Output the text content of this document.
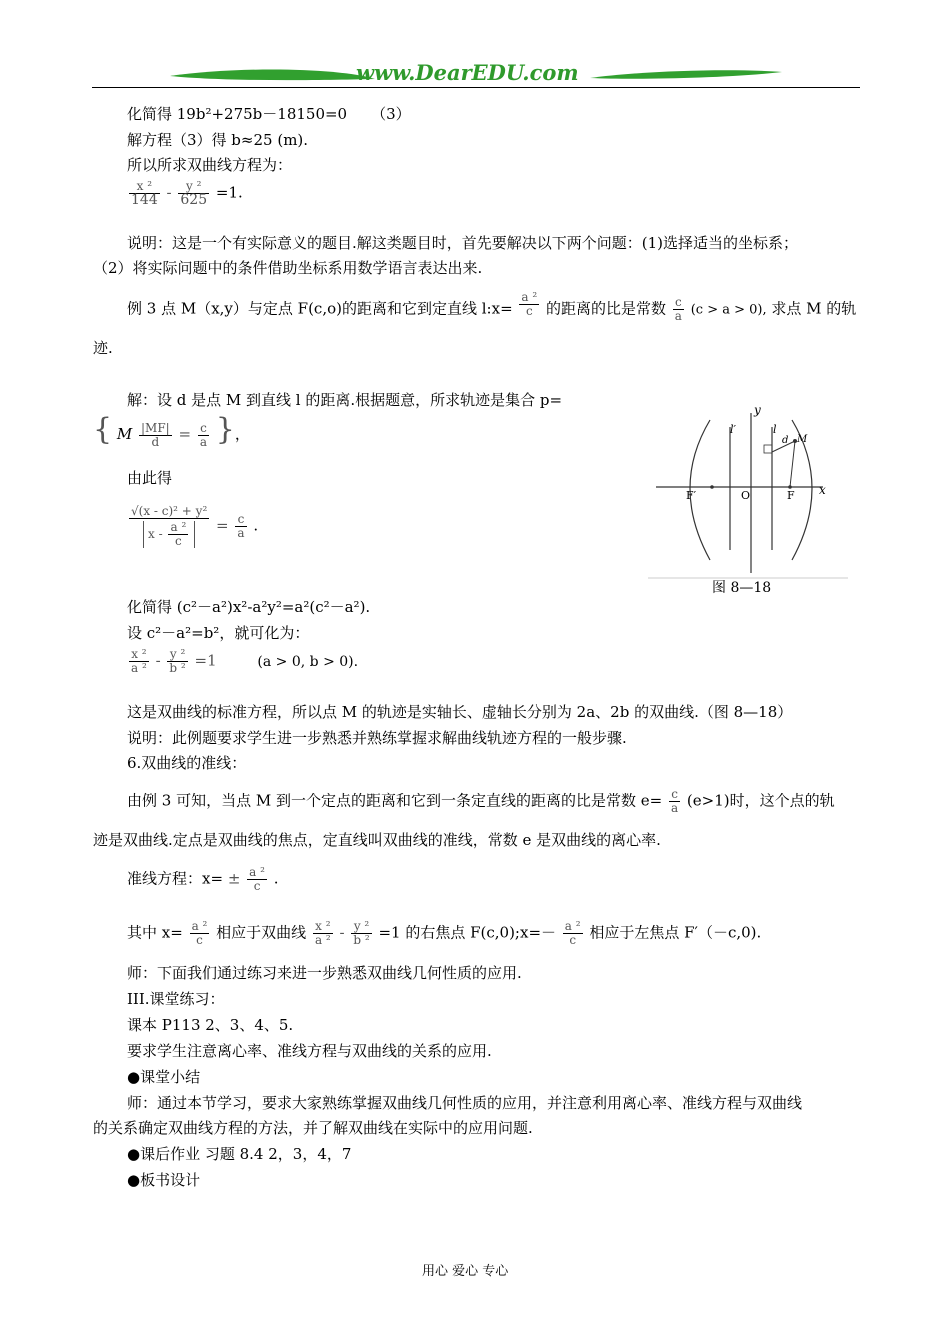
www.DearEDU.com
化简得 19b²+275b－18150=0 （3）
解方程（3）得 b≈25 (m).
所以所求双曲线方程为：
$\frac{\text{x ²}}{144} - \frac{\text{y ²}}{625} =1$.
说明：这是一个有实际意义的题目.解这类题目时，首先要解决以下两个问题：(1)选择适当的坐标系；
（2）将实际问题中的条件借助坐标系用数学语言表达出来.
例 3 点 M（x,y）与定点 F(c,o)的距离和它到定直线 l:x= $\frac{\text{a ²}}{c}$ 的距离的比是常数 $\frac{c}{a} (c > a > 0)$, 求点 M 的轨
迹.
解：设 d 是点 M 到直线 l 的距离.根据题意，所求轨迹是集合 p=
{ M $\frac{|MF|}{d} = \frac{c}{a}$ }，
由此得
$\frac{\text{√(x - c)² + y²}}{x - \frac{\text{a ²}}{c}} = \frac{c}{a}$ .
化简得 (c²－a²)x²-a²y²=a²(c²－a²).
设 c²－a²=b²，就可化为：
$\frac{\text{x ²}}{\text{a ²}} - \frac{\text{y ²}}{\text{b ²}} =1$	(a > 0, b > 0).
这是双曲线的标准方程，所以点 M 的轨迹是实轴长、虚轴长分别为 2a、2b 的双曲线.（图 8—18）
说明：此例题要求学生进一步熟悉并熟练掌握求解曲线轨迹方程的一般步骤.
6.双曲线的准线：
由例 3 可知，当点 M 到一个定点的距离和它到一条定直线的距离的比是常数 $e= \frac{c}{a} (e>1)$时，这个点的轨
迹是双曲线.定点是双曲线的焦点，定直线叫双曲线的准线，常数 e 是双曲线的离心率.
准线方程：$x= \pm \frac{\text{a ²}}{c}$ .
其中 $x= \frac{\text{a ²}}{c}$ 相应于双曲线 $\frac{\text{x ²}}{\text{a ²}} - \frac{\text{y ²}}{\text{b ²}} =1$ 的右焦点 F(c,0);x=－ $\frac{\text{a ²}}{c}$ 相应于左焦点 F′（－c,0).
师：下面我们通过练习来进一步熟悉双曲线几何性质的应用.
III.课堂练习：
课本 P113 2、3、4、5.
要求学生注意离心率、准线方程与双曲线的关系的应用.
●课堂小结
师：通过本节学习，要求大家熟练掌握双曲线几何性质的应用，并注意利用离心率、准线方程与双曲线
的关系确定双曲线方程的方法，并了解双曲线在实际中的应用问题.
●课后作业 习题 8.4 2，3，4，7
●板书设计
y
x
O	F
F′
l′	l
d M
图 8—18
用心 爱心 专心
